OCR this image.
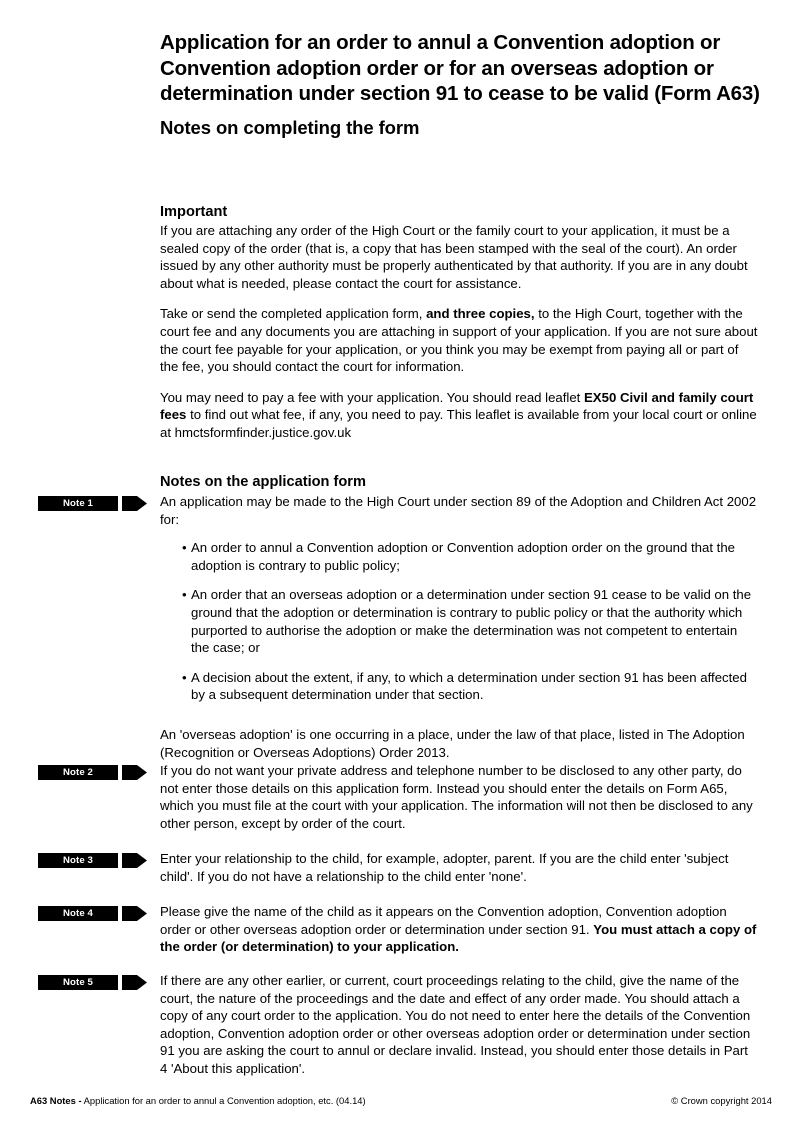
Application for an order to annul a Convention adoption or Convention adoption order or for an overseas adoption or determination under section 91 to cease to be valid (Form A63)
Notes on completing the form
Important

If you are attaching any order of the High Court or the family court to your application, it must be a sealed copy of the order (that is, a copy that has been stamped with the seal of the court). An order issued by any other authority must be properly authenticated by that authority. If you are in any doubt about what is needed, please contact the court for assistance.

Take or send the completed application form, and three copies, to the High Court, together with the court fee and any documents you are attaching in support of your application. If you are not sure about the court fee payable for your application, or you think you may be exempt from paying all or part of the fee, you should contact the court for information.

You may need to pay a fee with your application. You should read leaflet EX50 Civil and family court fees to find out what fee, if any, you need to pay. This leaflet is available from your local court or online at hmctsformfinder.justice.gov.uk

Notes on the application form
Note 1	An application may be made to the High Court under section 89 of the Adoption and Children Act 2002 for:

• An order to annul a Convention adoption or Convention adoption order on the ground that the adoption is contrary to public policy;
• An order that an overseas adoption or a determination under section 91 cease to be valid on the ground that the adoption or determination is contrary to public policy or that the authority which purported to authorise the adoption or make the determination was not competent to entertain the case; or
• A decision about the extent, if any, to which a determination under section 91 has been affected by a subsequent determination under that section.

An 'overseas adoption' is one occurring in a place, under the law of that place, listed in The Adoption (Recognition or Overseas Adoptions) Order 2013.

Note 2	If you do not want your private address and telephone number to be disclosed to any other party, do not enter those details on this application form. Instead you should enter the details on Form A65, which you must file at the court with your application. The information will not then be disclosed to any other person, except by order of the court.

Note 3	Enter your relationship to the child, for example, adopter, parent. If you are the child enter 'subject child'. If you do not have a relationship to the child enter 'none'.

Note 4	Please give the name of the child as it appears on the Convention adoption, Convention adoption order or other overseas adoption order or determination under section 91. You must attach a copy of the order (or determination) to your application.

Note 5	If there are any other earlier, or current, court proceedings relating to the child, give the name of the court, the nature of the proceedings and the date and effect of any order made. You should attach a copy of any court order to the application. You do not need to enter here the details of the Convention adoption, Convention adoption order or other overseas adoption order or determination under section 91 you are asking the court to annul or declare invalid. Instead, you should enter those details in Part 4 'About this application'.

A63 Notes - Application for an order to annul a Convention adoption, etc. (04.14)	© Crown copyright 2014
